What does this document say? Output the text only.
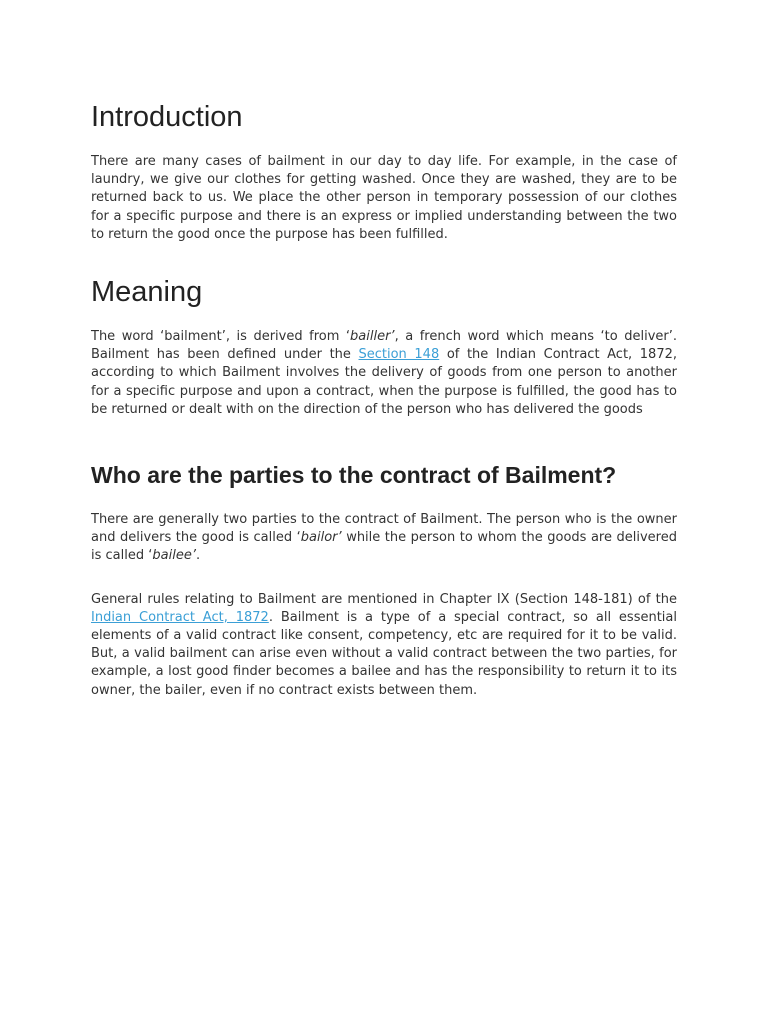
Introduction

There are many cases of bailment in our day to day life. For example, in the case of laundry, we give our clothes for getting washed. Once they are washed, they are to be returned back to us. We place the other person in temporary possession of our clothes for a specific purpose and there is an express or implied understanding between the two to return the good once the purpose has been fulfilled.

Meaning

The word ‘bailment’, is derived from ‘bailler’, a french word which means ‘to deliver’. Bailment has been defined under the Section 148 of the Indian Contract Act, 1872, according to which Bailment involves the delivery of goods from one person to another for a specific purpose and upon a contract, when the purpose is fulfilled, the good has to be returned or dealt with on the direction of the person who has delivered the goods

Who are the parties to the contract of Bailment?

There are generally two parties to the contract of Bailment. The person who is the owner and delivers the good is called ‘bailor’ while the person to whom the goods are delivered is called ‘bailee’.

General rules relating to Bailment are mentioned in Chapter IX (Section 148-181) of the Indian Contract Act, 1872. Bailment is a type of a special contract, so all essential elements of a valid contract like consent, competency, etc are required for it to be valid. But, a valid bailment can arise even without a valid contract between the two parties, for example, a lost good finder becomes a bailee and has the responsibility to return it to its owner, the bailer, even if no contract exists between them.
